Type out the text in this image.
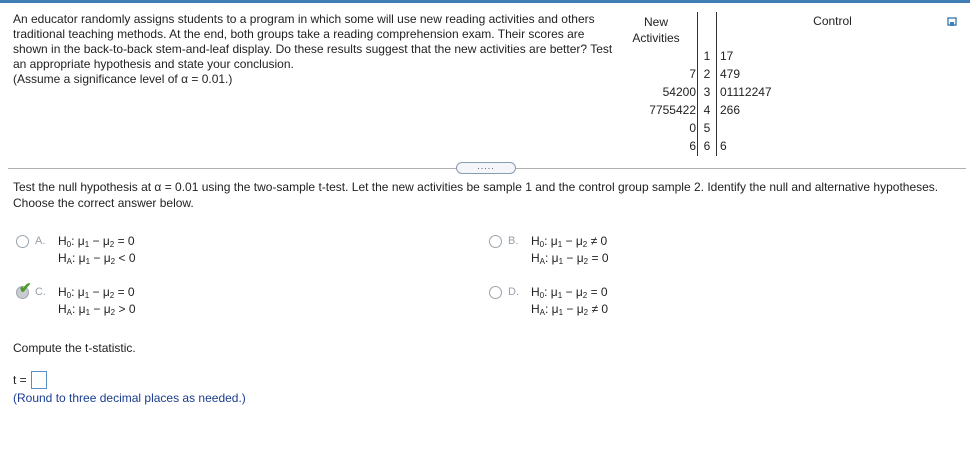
An educator randomly assigns students to a program in which some will use new reading activities and others traditional teaching methods. At the end, both groups take a reading comprehension exam. Their scores are shown in the back-to-back stem-and-leaf display. Do these results suggest that the new activities are better? Test an appropriate hypothesis and state your conclusion.

(Assume a significance level of α = 0.01.)

New Activities
Control
1 17
7 2 479
54200 3 01112247
7755422 4 266
0 5
6 6 6
.....
Test the null hypothesis at α = 0.01 using the two-sample t-test. Let the new activities be sample 1 and the control group sample 2. Identify the null and alternative hypotheses. Choose the correct answer below.
A. $H_0$: $\mu_1 - \mu_2 = 0$
$H_A$: $\mu_1 - \mu_2 < 0$
B. $H_0$: $\mu_1 - \mu_2 \ne 0$
$H_A$: $\mu_1 - \mu_2 = 0$
✔ C. $H_0$: $\mu_1 - \mu_2 = 0$
$H_A$: $\mu_1 - \mu_2 > 0$
D. $H_0$: $\mu_1 - \mu_2 = 0$
$H_A$: $\mu_1 - \mu_2 \ne 0$
Compute the t-statistic.
t =
(Round to three decimal places as needed.)
